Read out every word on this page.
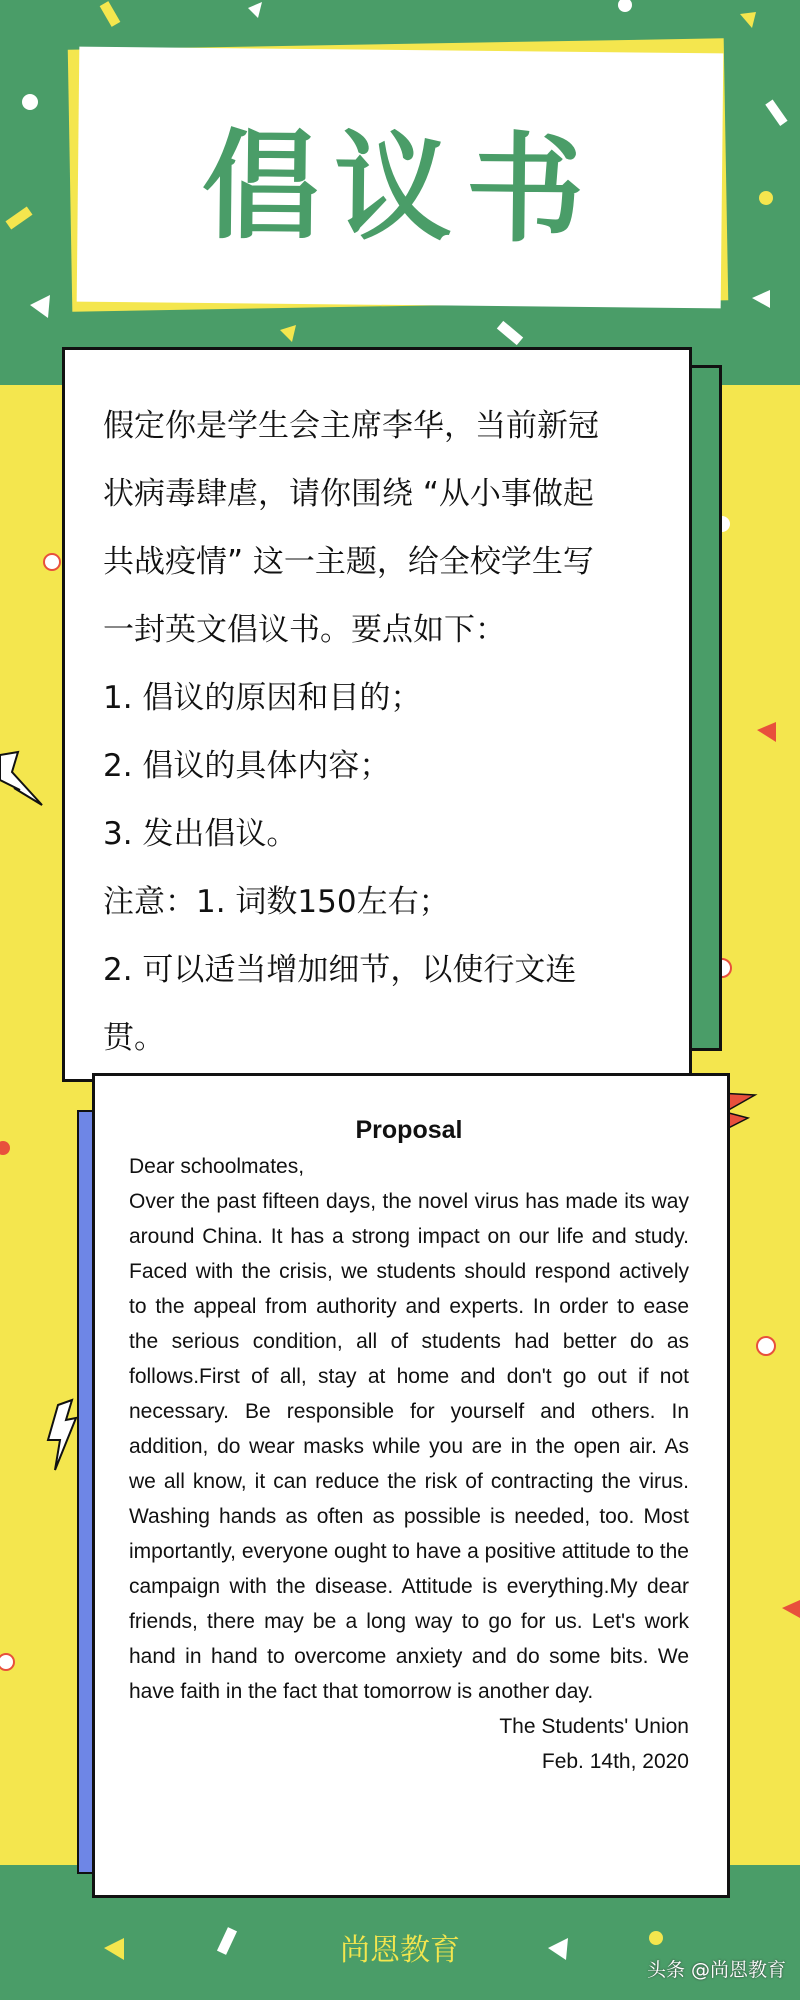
倡议书

假定你是学生会主席李华，当前新冠

状病毒肆虐，请你围绕 “从小事做起

共战疫情” 这一主题，给全校学生写

一封英文倡议书。要点如下：

1. 倡议的原因和目的；

2. 倡议的具体内容；

3. 发出倡议。

注意：1. 词数150左右；

2. 可以适当增加细节，以使行文连

贯。

Proposal
Dear schoolmates,
Over the past fifteen days, the novel virus has made its way around China. It has a strong impact on our life and study. Faced with the crisis, we students should respond actively to the appeal from authority and experts. In order to ease the serious condition, all of students had better do as follows.First of all, stay at home and don't go out if not necessary. Be responsible for yourself and others. In addition, do wear masks while you are in the open air. As we all know, it can reduce the risk of contracting the virus. Washing hands as often as possible is needed, too. Most importantly, everyone ought to have a positive attitude to the campaign with the disease. Attitude is everything.My dear friends, there may be a long way to go for us. Let's work hand in hand to overcome anxiety and do some bits. We have faith in the fact that tomorrow is another day.
The Students' Union
Feb. 14th, 2020
尚恩教育
头条 @尚恩教育
